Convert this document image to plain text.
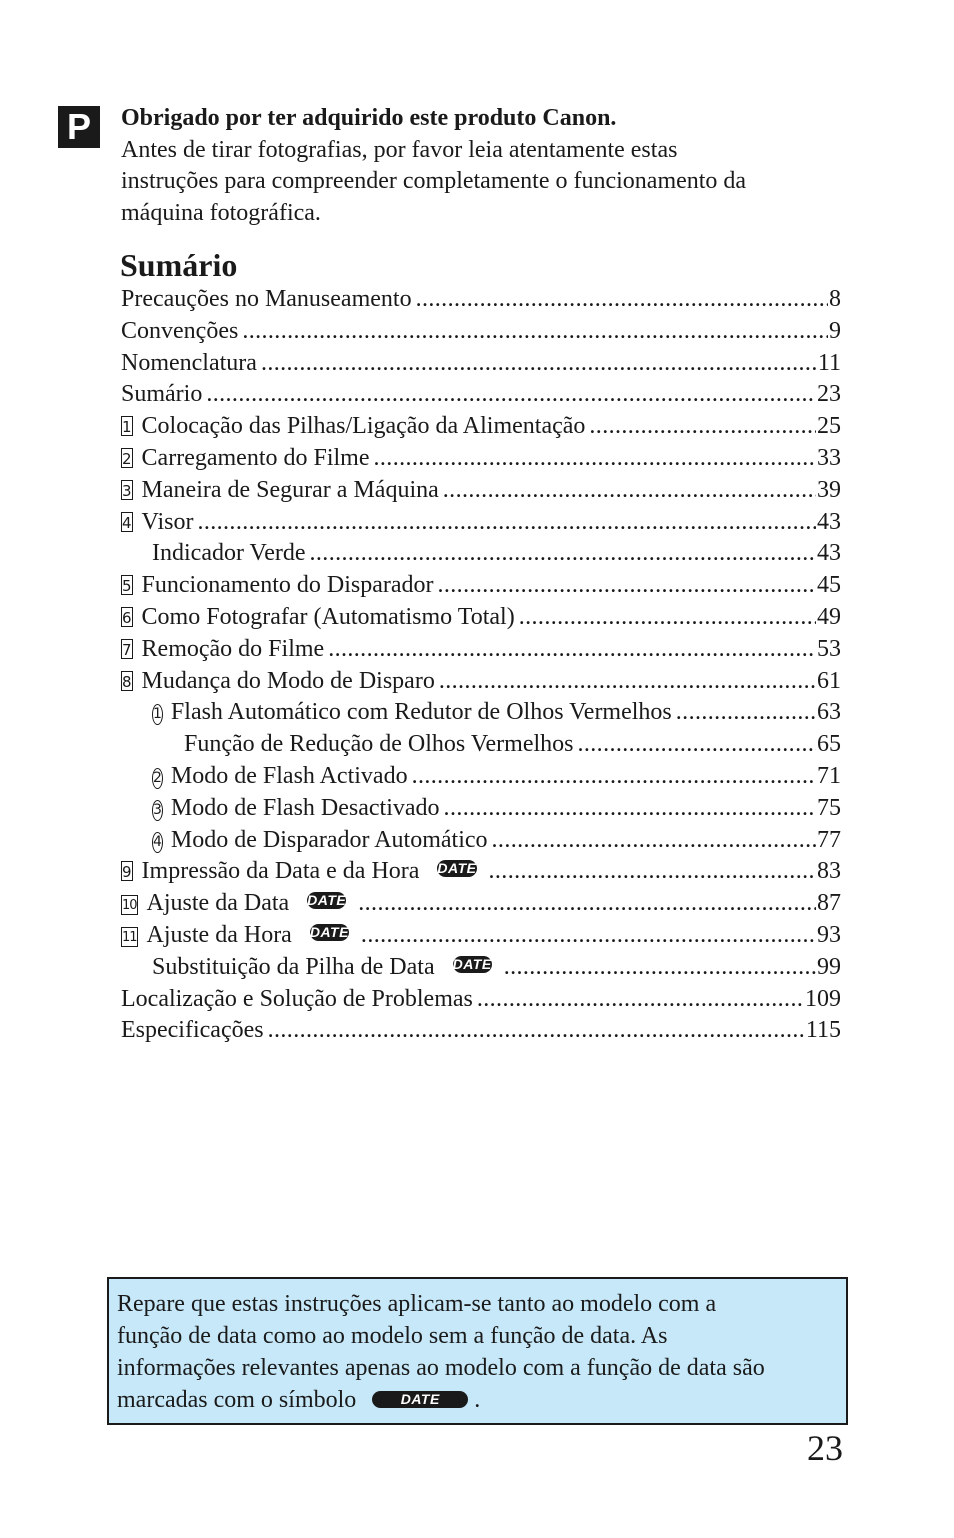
P	Obrigado por ter adquirido este produto Canon.
Antes de tirar fotografias, por favor leia atentamente estas
instruções para compreender completamente o funcionamento da
máquina fotográfica.
Sumário
Precauções no Manuseamento .....	8
Convenções .....	9
Nomenclatura .....	11
Sumário .....	23
1 Colocação das Pilhas/Ligação da Alimentação .....	25
2 Carregamento do Filme .....	33
3 Maneira de Segurar a Máquina .....	39
4 Visor .....	43
Indicador Verde .....	43
5 Funcionamento do Disparador .....	45
6 Como Fotografar (Automatismo Total) .....	49
7 Remoção do Filme .....	53
8 Mudança do Modo de Disparo .....	61
1 Flash Automático com Redutor de Olhos Vermelhos .....	63
Função de Redução de Olhos Vermelhos .....	65
2 Modo de Flash Activado .....	71
3 Modo de Flash Desactivado .....	75
4 Modo de Disparador Automático .....	77
9 Impressão da Data e da Hora DATE .....	83
10 Ajuste da Data DATE .....	87
11 Ajuste da Hora DATE .....	93
Substituição da Pilha de Data DATE .....	99
Localização e Solução de Problemas .....	109
Especificações .....	115
Repare que estas instruções aplicam-se tanto ao modelo com a
função de data como ao modelo sem a função de data. As
informações relevantes apenas ao modelo com a função de data são
marcadas com o símbolo	DATE .
23
